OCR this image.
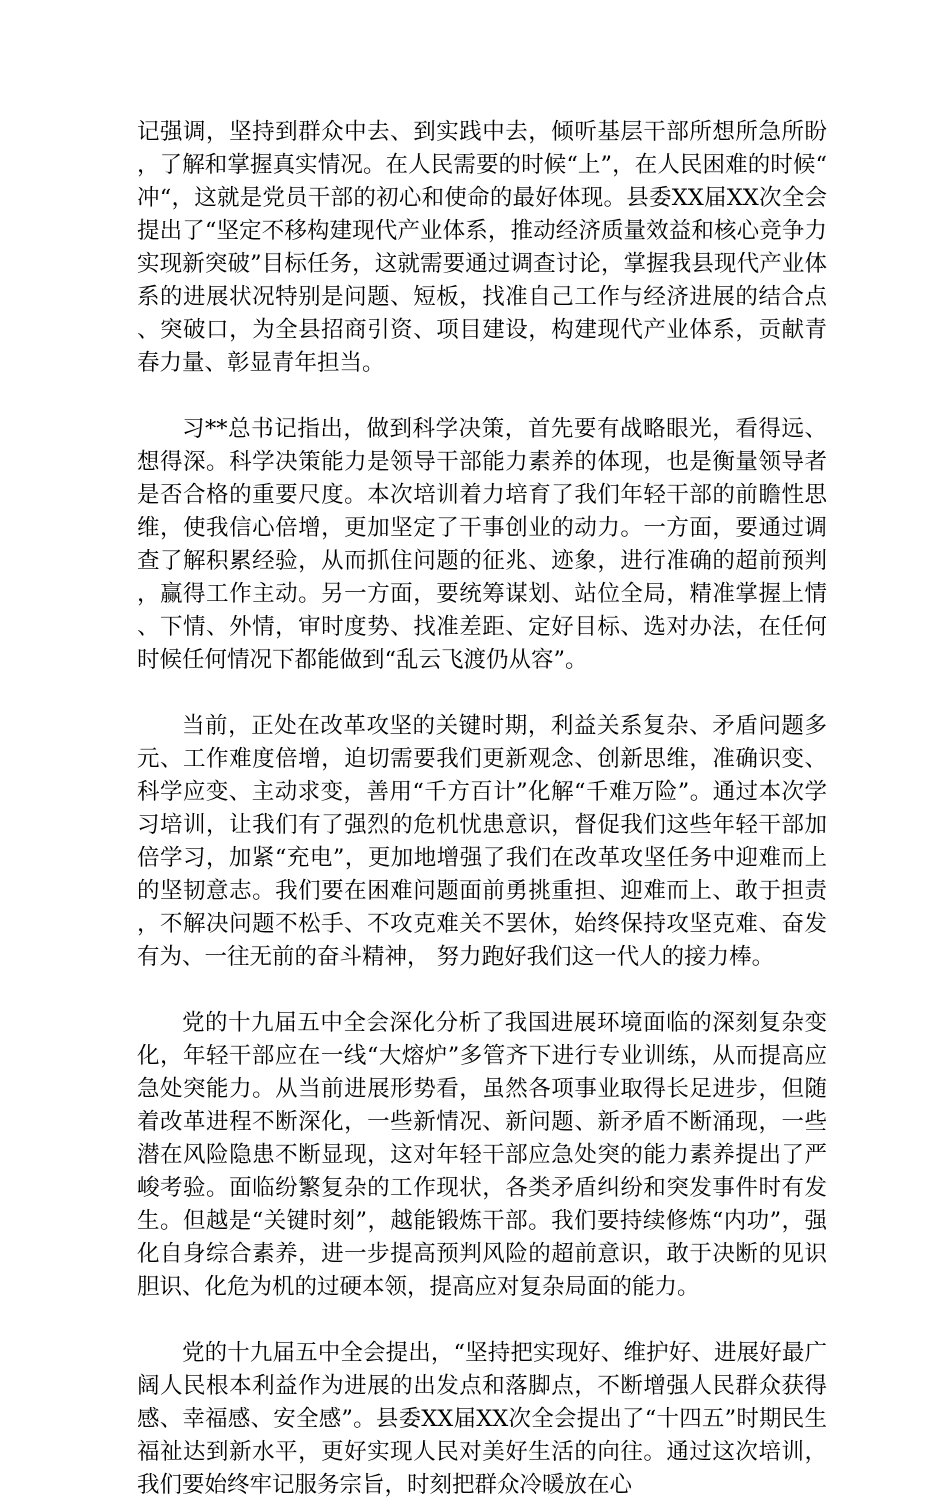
记强调，坚持到群众中去、到实践中去，倾听基层干部所想所急所盼，了解和掌握真实情况。在人民需要的时候“上”，在人民困难的时候“冲“，这就是党员干部的初心和使命的最好体现。县委XX届XX次全会提出了“坚定不移构建现代产业体系，推动经济质量效益和核心竞争力实现新突破”目标任务，这就需要通过调查讨论，掌握我县现代产业体系的进展状况特别是问题、短板，找准自己工作与经济进展的结合点、突破口，为全县招商引资、项目建设，构建现代产业体系，贡献青春力量、彰显青年担当。

习**总书记指出，做到科学决策，首先要有战略眼光，看得远、想得深。科学决策能力是领导干部能力素养的体现，也是衡量领导者是否合格的重要尺度。本次培训着力培育了我们年轻干部的前瞻性思维，使我信心倍增，更加坚定了干事创业的动力。一方面，要通过调查了解积累经验，从而抓住问题的征兆、迹象，进行准确的超前预判，赢得工作主动。另一方面，要统筹谋划、站位全局，精准掌握上情、下情、外情，审时度势、找准差距、定好目标、选对办法，在任何时候任何情况下都能做到“乱云飞渡仍从容”。

当前，正处在改革攻坚的关键时期，利益关系复杂、矛盾问题多元、工作难度倍增，迫切需要我们更新观念、创新思维，准确识变、科学应变、主动求变，善用“千方百计”化解“千难万险”。通过本次学习培训，让我们有了强烈的危机忧患意识，督促我们这些年轻干部加倍学习，加紧“充电”，更加地增强了我们在改革攻坚任务中迎难而上的坚韧意志。我们要在困难问题面前勇挑重担、迎难而上、敢于担责，不解决问题不松手、不攻克难关不罢休，始终保持攻坚克难、奋发有为、一往无前的奋斗精神， 努力跑好我们这一代人的接力棒。

党的十九届五中全会深化分析了我国进展环境面临的深刻复杂变化，年轻干部应在一线“大熔炉”多管齐下进行专业训练，从而提高应急处突能力。从当前进展形势看，虽然各项事业取得长足进步，但随着改革进程不断深化，一些新情况、新问题、新矛盾不断涌现，一些潜在风险隐患不断显现，这对年轻干部应急处突的能力素养提出了严峻考验。面临纷繁复杂的工作现状，各类矛盾纠纷和突发事件时有发生。但越是“关键时刻”，越能锻炼干部。我们要持续修炼“内功”，强化自身综合素养，进一步提高预判风险的超前意识，敢于决断的见识胆识、化危为机的过硬本领，提高应对复杂局面的能力。

党的十九届五中全会提出，“坚持把实现好、维护好、进展好最广阔人民根本利益作为进展的出发点和落脚点，不断增强人民群众获得感、幸福感、安全感”。县委XX届XX次全会提出了“十四五”时期民生福祉达到新水平，更好实现人民对美好生活的向往。通过这次培训，我们要始终牢记服务宗旨，时刻把群众冷暖放在心
